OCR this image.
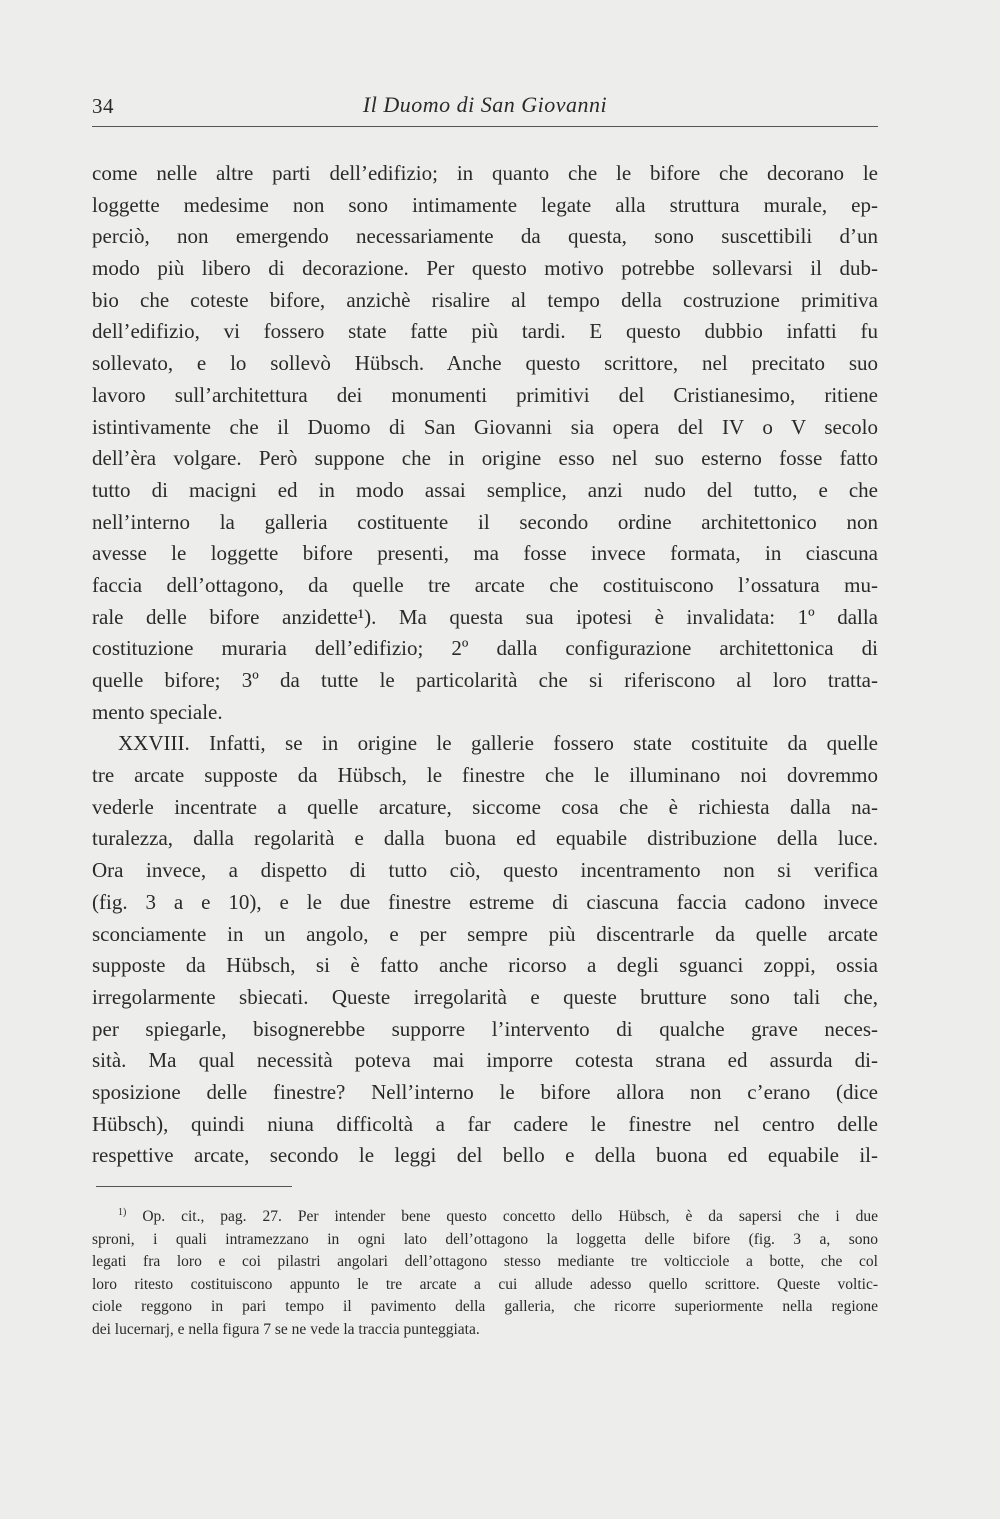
34	Il Duomo di San Giovanni
come nelle altre parti dell’edifizio; in quanto che le bifore che decorano le
loggette medesime non sono intimamente legate alla struttura murale, ep-
perciò, non emergendo necessariamente da questa, sono suscettibili d’un
modo più libero di decorazione. Per questo motivo potrebbe sollevarsi il dub-
bio che coteste bifore, anzichè risalire al tempo della costruzione primitiva
dell’edifizio, vi fossero state fatte più tardi. E questo dubbio infatti fu
sollevato, e lo sollevò Hübsch. Anche questo scrittore, nel precitato suo
lavoro sull’architettura dei monumenti primitivi del Cristianesimo, ritiene
istintivamente che il Duomo di San Giovanni sia opera del IV o V secolo
dell’èra volgare. Però suppone che in origine esso nel suo esterno fosse fatto
tutto di macigni ed in modo assai semplice, anzi nudo del tutto, e che
nell’interno la galleria costituente il secondo ordine architettonico non
avesse le loggette bifore presenti, ma fosse invece formata, in ciascuna
faccia dell’ottagono, da quelle tre arcate che costituiscono l’ossatura mu-
rale delle bifore anzidette¹). Ma questa sua ipotesi è invalidata: 1º dalla
costituzione muraria dell’edifizio; 2º dalla configurazione architettonica di
quelle bifore; 3º da tutte le particolarità che si riferiscono al loro tratta-
mento speciale.
XXVIII. Infatti, se in origine le gallerie fossero state costituite da quelle
tre arcate supposte da Hübsch, le finestre che le illuminano noi dovremmo
vederle incentrate a quelle arcature, siccome cosa che è richiesta dalla na-
turalezza, dalla regolarità e dalla buona ed equabile distribuzione della luce.
Ora invece, a dispetto di tutto ciò, questo incentramento non si verifica
(fig. 3 a e 10), e le due finestre estreme di ciascuna faccia cadono invece
sconciamente in un angolo, e per sempre più discentrarle da quelle arcate
supposte da Hübsch, si è fatto anche ricorso a degli sguanci zoppi, ossia
irregolarmente sbiecati. Queste irregolarità e queste brutture sono tali che,
per spiegarle, bisognerebbe supporre l’intervento di qualche grave neces-
sità. Ma qual necessità poteva mai imporre cotesta strana ed assurda di-
sposizione delle finestre? Nell’interno le bifore allora non c’erano (dice
Hübsch), quindi niuna difficoltà a far cadere le finestre nel centro delle
respettive arcate, secondo le leggi del bello e della buona ed equabile il-
$^{1)}$ Op. cit., pag. 27. Per intender bene questo concetto dello Hübsch, è da sapersi che i due
sproni, i quali intramezzano in ogni lato dell’ottagono la loggetta delle bifore (fig. 3 a, sono
legati fra loro e coi pilastri angolari dell’ottagono stesso mediante tre volticciole a botte, che col
loro ritesto costituiscono appunto le tre arcate a cui allude adesso quello scrittore. Queste voltic-
ciole reggono in pari tempo il pavimento della galleria, che ricorre superiormente nella regione
dei lucernarj, e nella figura 7 se ne vede la traccia punteggiata.
